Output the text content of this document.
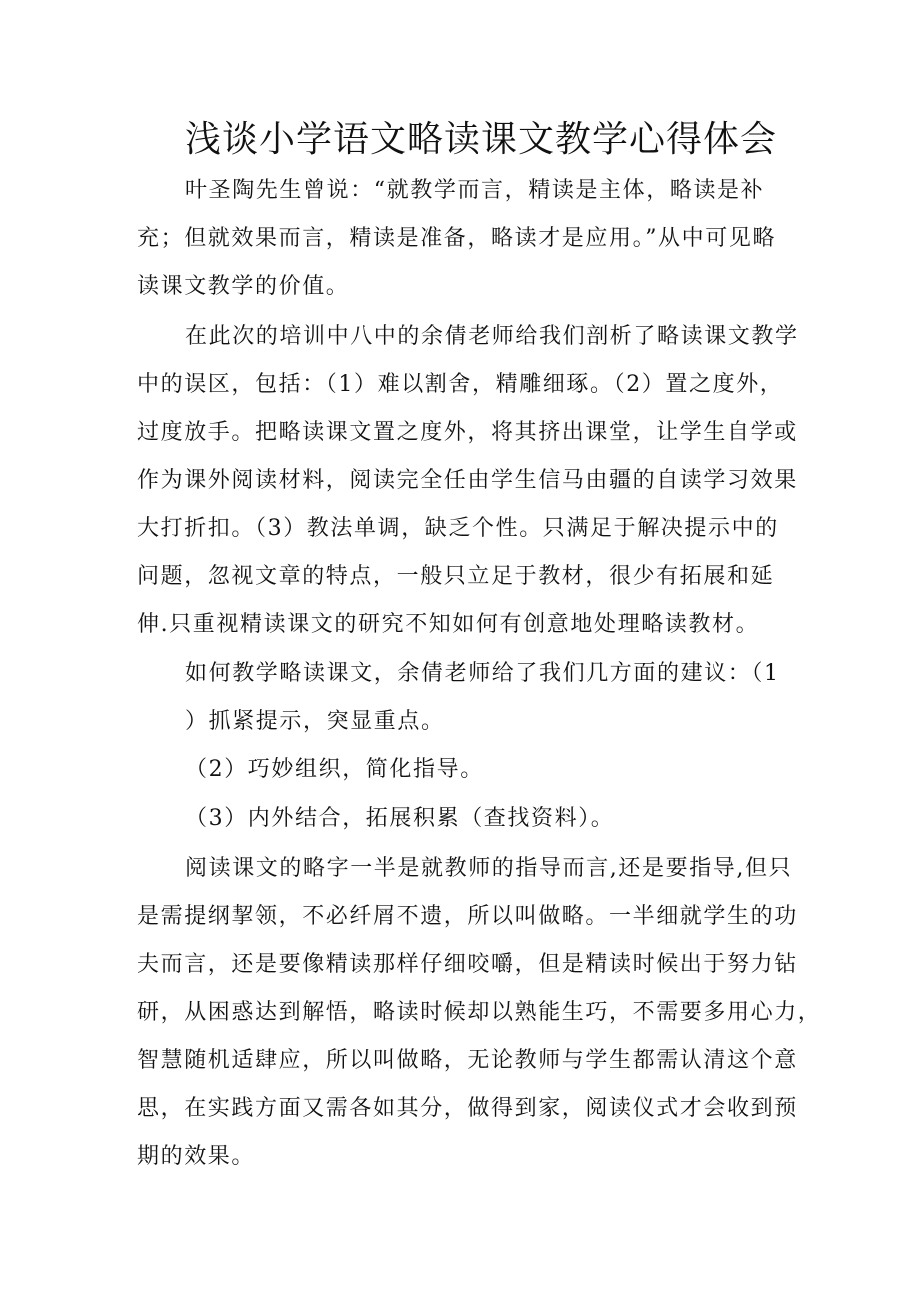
浅谈小学语文略读课文教学心得体会
叶圣陶先生曾说：“就教学而言，精读是主体，略读是补
充；但就效果而言，精读是准备，略读才是应用。”从中可见略
读课文教学的价值。
在此次的培训中八中的余倩老师给我们剖析了略读课文教学
中的误区，包括：（1）难以割舍，精雕细琢。（2）置之度外，
过度放手。把略读课文置之度外，将其挤出课堂，让学生自学或
作为课外阅读材料，阅读完全任由学生信马由疆的自读学习效果
大打折扣。（3）教法单调，缺乏个性。只满足于解决提示中的
问题，忽视文章的特点，一般只立足于教材，很少有拓展和延
伸.只重视精读课文的研究不知如何有创意地处理略读教材。
如何教学略读课文，余倩老师给了我们几方面的建议：（1
）抓紧提示，突显重点。
（2）巧妙组织，简化指导。
（3）内外结合，拓展积累（查找资料）。
阅读课文的略字一半是就教师的指导而言,还是要指导,但只
是需提纲挈领，不必纤屑不遗，所以叫做略。一半细就学生的功
夫而言，还是要像精读那样仔细咬嚼，但是精读时候出于努力钻
研，从困惑达到解悟，略读时候却以熟能生巧，不需要多用心力，
智慧随机适肆应，所以叫做略，无论教师与学生都需认清这个意
思，在实践方面又需各如其分，做得到家，阅读仪式才会收到预
期的效果。
